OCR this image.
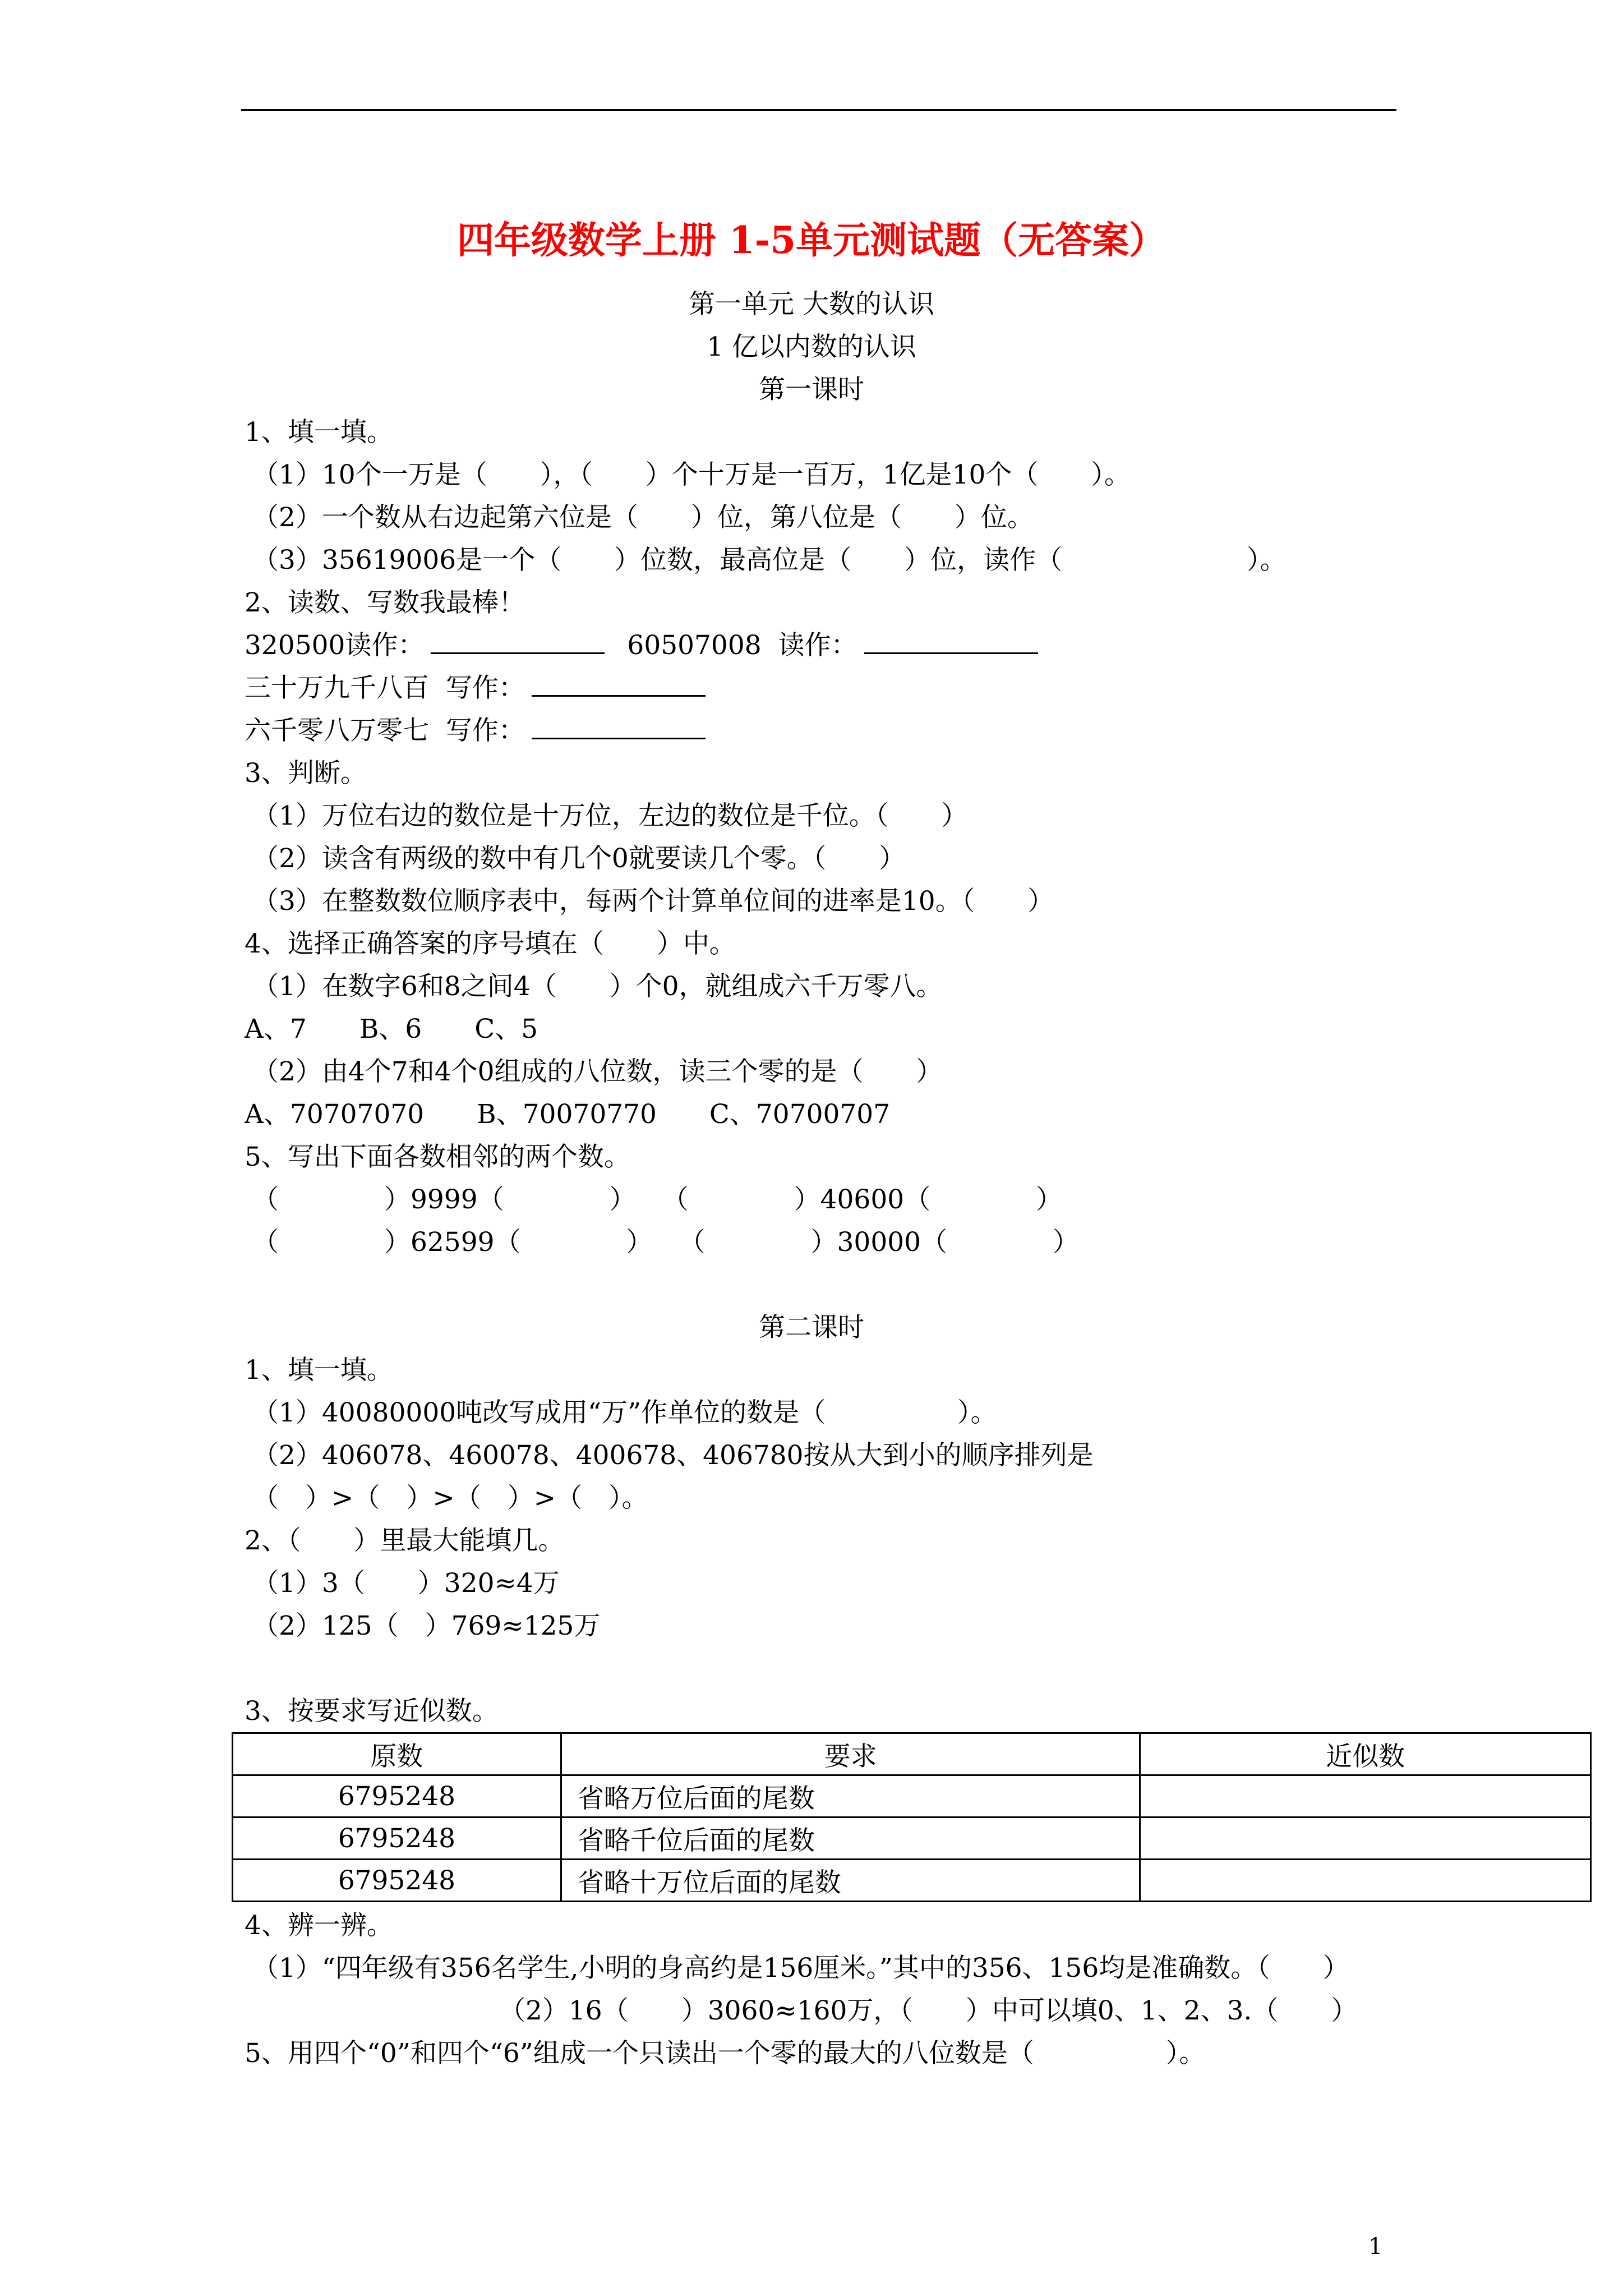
四年级数学上册 1-5单元测试题（无答案）
第一单元 大数的认识
1 亿以内数的认识
第一课时
1、填一填。
（1）10个一万是（　　），（　　）个十万是一百万，1亿是10个（　　）。
（2）一个数从右边起第六位是（　　）位，第八位是（　　）位。
（3）35619006是一个（　　）位数，最高位是（　　）位，读作（　　　　　　　）。
2、读数、写数我最棒！
320500读作：	60507008  读作：
三十万九千八百  写作：
六千零八万零七  写作：
3、判断。
（1）万位右边的数位是十万位，左边的数位是千位。（　　）
（2）读含有两级的数中有几个0就要读几个零。（　　）
（3）在整数数位顺序表中，每两个计算单位间的进率是10。（　　）
4、选择正确答案的序号填在（　　）中。
（1）在数字6和8之间4（　　）个0，就组成六千万零八。
A、7　　B、6　　C、5
（2）由4个7和4个0组成的八位数，读三个零的是（　　）
A、70707070　　B、70070770　　C、70700707
5、写出下面各数相邻的两个数。
（　　　　）9999（　　　　）　　（　　　　）40600（　　　　）
（　　　　）62599（　　　　）　　（　　　　）30000（　　　　）
第二课时
1、填一填。
（1）40080000吨改写成用“万”作单位的数是（　　　　　）。
（2）406078、460078、400678、406780按从大到小的顺序排列是
（　）>（　）>（　）>（　）。
2、（　　）里最大能填几。
（1）3（　　）320≈4万
（2）125（　）769≈125万
3、按要求写近似数。
原数	要求	近似数
6795248	省略万位后面的尾数	
6795248	省略千位后面的尾数	
6795248	省略十万位后面的尾数	
4、辨一辨。
（1）“四年级有356名学生,小明的身高约是156厘米。”其中的356、156均是准确数。（　　）
（2）16（　　）3060≈160万，（　　）中可以填0、1、2、3.（　　）
5、用四个“0”和四个“6”组成一个只读出一个零的最大的八位数是（　　　　　）。
1
